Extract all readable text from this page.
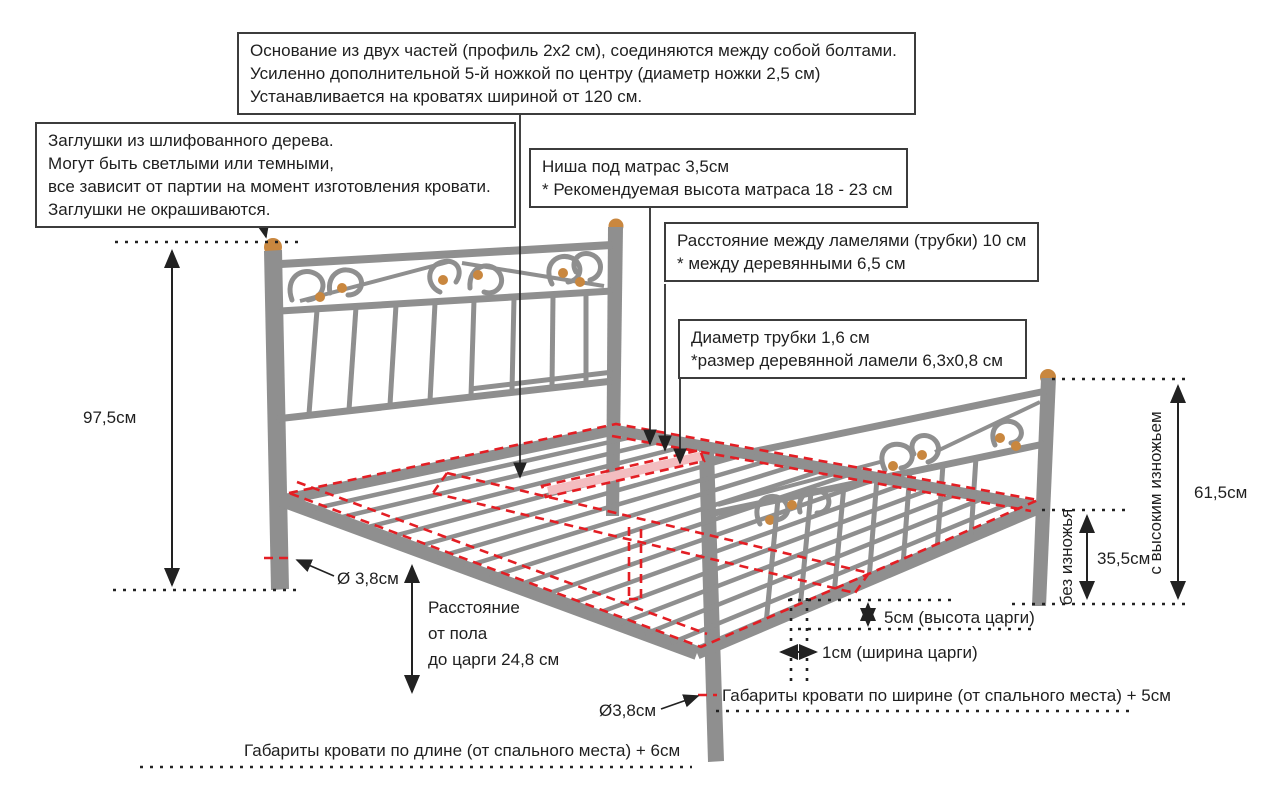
97,5см
Ø 3,8см
Расстояние
от пола
до царги 24,8 см
без изножья 35,5см
с высоким изножьем 61,5см
5см (высота царги)
1см (ширина царги)
Ø3,8см
Габариты кровати по ширине (от спального места) + 5см
Габариты кровати по длине (от спального места) + 6см
Основание из двух частей (профиль 2х2 см), соединяются между собой болтами.
Усиленно дополнительной 5-й ножкой по центру (диаметр ножки 2,5 см)
Устанавливается на кроватях шириной от 120 см.
Заглушки из шлифованного дерева.
Могут быть светлыми или темными,
все зависит от партии на момент изготовления кровати.
Заглушки не окрашиваются.
Ниша под матрас 3,5см
* Рекомендуемая высота матраса 18 - 23 см
Расстояние между ламелями (трубки) 10 см
* между деревянными 6,5 см
Диаметр трубки 1,6 см
*размер деревянной ламели 6,3х0,8 см
